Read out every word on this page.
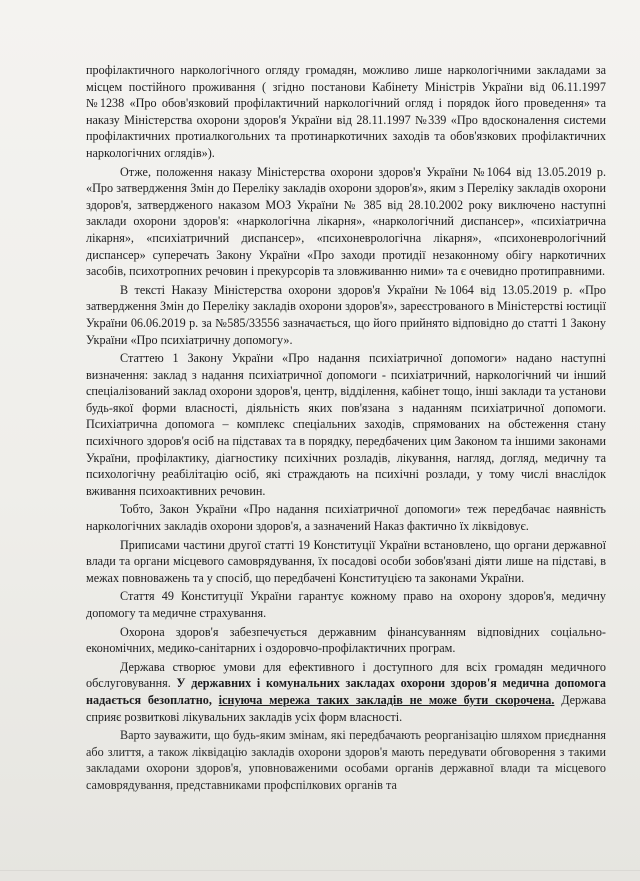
профілактичного наркологічного огляду громадян, можливо лише наркологічними закладами за місцем постійного проживання ( згідно постанови Кабінету Міністрів України від 06.11.1997 №1238 «Про обов'язковий профілактичний наркологічний огляд і порядок його проведення» та наказу Міністерства охорони здоров'я України від 28.11.1997 №339 «Про вдосконалення системи профілактичних протиалкогольних та протинаркотичних заходів та обов'язкових профілактичних наркологічних оглядів»).

Отже, положення наказу Міністерства охорони здоров'я України №1064 від 13.05.2019 р. «Про затвердження Змін до Переліку закладів охорони здоров'я», яким з Переліку закладів охорони здоров'я, затвердженого наказом МОЗ України № 385 від 28.10.2002 року виключено наступні заклади охорони здоров'я: «наркологічна лікарня», «наркологічний диспансер», «психіатрична лікарня», «психіатричний диспансер», «психоневрологічна лікарня», «психоневрологічний диспансер» суперечать Закону України «Про заходи протидії незаконному обігу наркотичних засобів, психотропних речовин і прекурсорів та зловживанню ними» та є очевидно протиправними.

В тексті Наказу Міністерства охорони здоров'я України №1064 від 13.05.2019 р. «Про затвердження Змін до Переліку закладів охорони здоров'я», зареєстрованого в Міністерстві юстиції України 06.06.2019 р. за №585/33556 зазначається, що його прийнято відповідно до статті 1 Закону України «Про психіатричну допомогу».

Статтею 1 Закону України «Про надання психіатричної допомоги» надано наступні визначення: заклад з надання психіатричної допомоги - психіатричний, наркологічний чи інший спеціалізований заклад охорони здоров'я, центр, відділення, кабінет тощо, інші заклади та установи будь-якої форми власності, діяльність яких пов'язана з наданням психіатричної допомоги. Психіатрична допомога – комплекс спеціальних заходів, спрямованих на обстеження стану психічного здоров'я осіб на підставах та в порядку, передбачених цим Законом та іншими законами України, профілактику, діагностику психічних розладів, лікування, нагляд, догляд, медичну та психологічну реабілітацію осіб, які страждають на психічні розлади, у тому числі внаслідок вживання психоактивних речовин.

Тобто, Закон України «Про надання психіатричної допомоги» теж передбачає наявність наркологічних закладів охорони здоров'я, а зазначений Наказ фактично їх ліквідовує.

Приписами частини другої статті 19 Конституції України встановлено, що органи державної влади та органи місцевого самоврядування, їх посадові особи зобов'язані діяти лише на підставі, в межах повноважень та у спосіб, що передбачені Конституцією та законами України.

Стаття 49 Конституції України гарантує кожному право на охорону здоров'я, медичну допомогу та медичне страхування.

Охорона здоров'я забезпечується державним фінансуванням відповідних соціально-економічних, медико-санітарних і оздоровчо-профілактичних програм.

Держава створює умови для ефективного і доступного для всіх громадян медичного обслуговування. У державних і комунальних закладах охорони здоров'я медична допомога надається безоплатно, існуюча мережа таких закладів не може бути скорочена. Держава сприяє розвиткові лікувальних закладів усіх форм власності.

Варто зауважити, що будь-яким змінам, які передбачають реорганізацію шляхом приєднання або злиття, а також ліквідацію закладів охорони здоров'я мають передувати обговорення з такими закладами охорони здоров'я, уповноваженими особами органів державної влади та місцевого самоврядування, представниками профспілкових органів та
